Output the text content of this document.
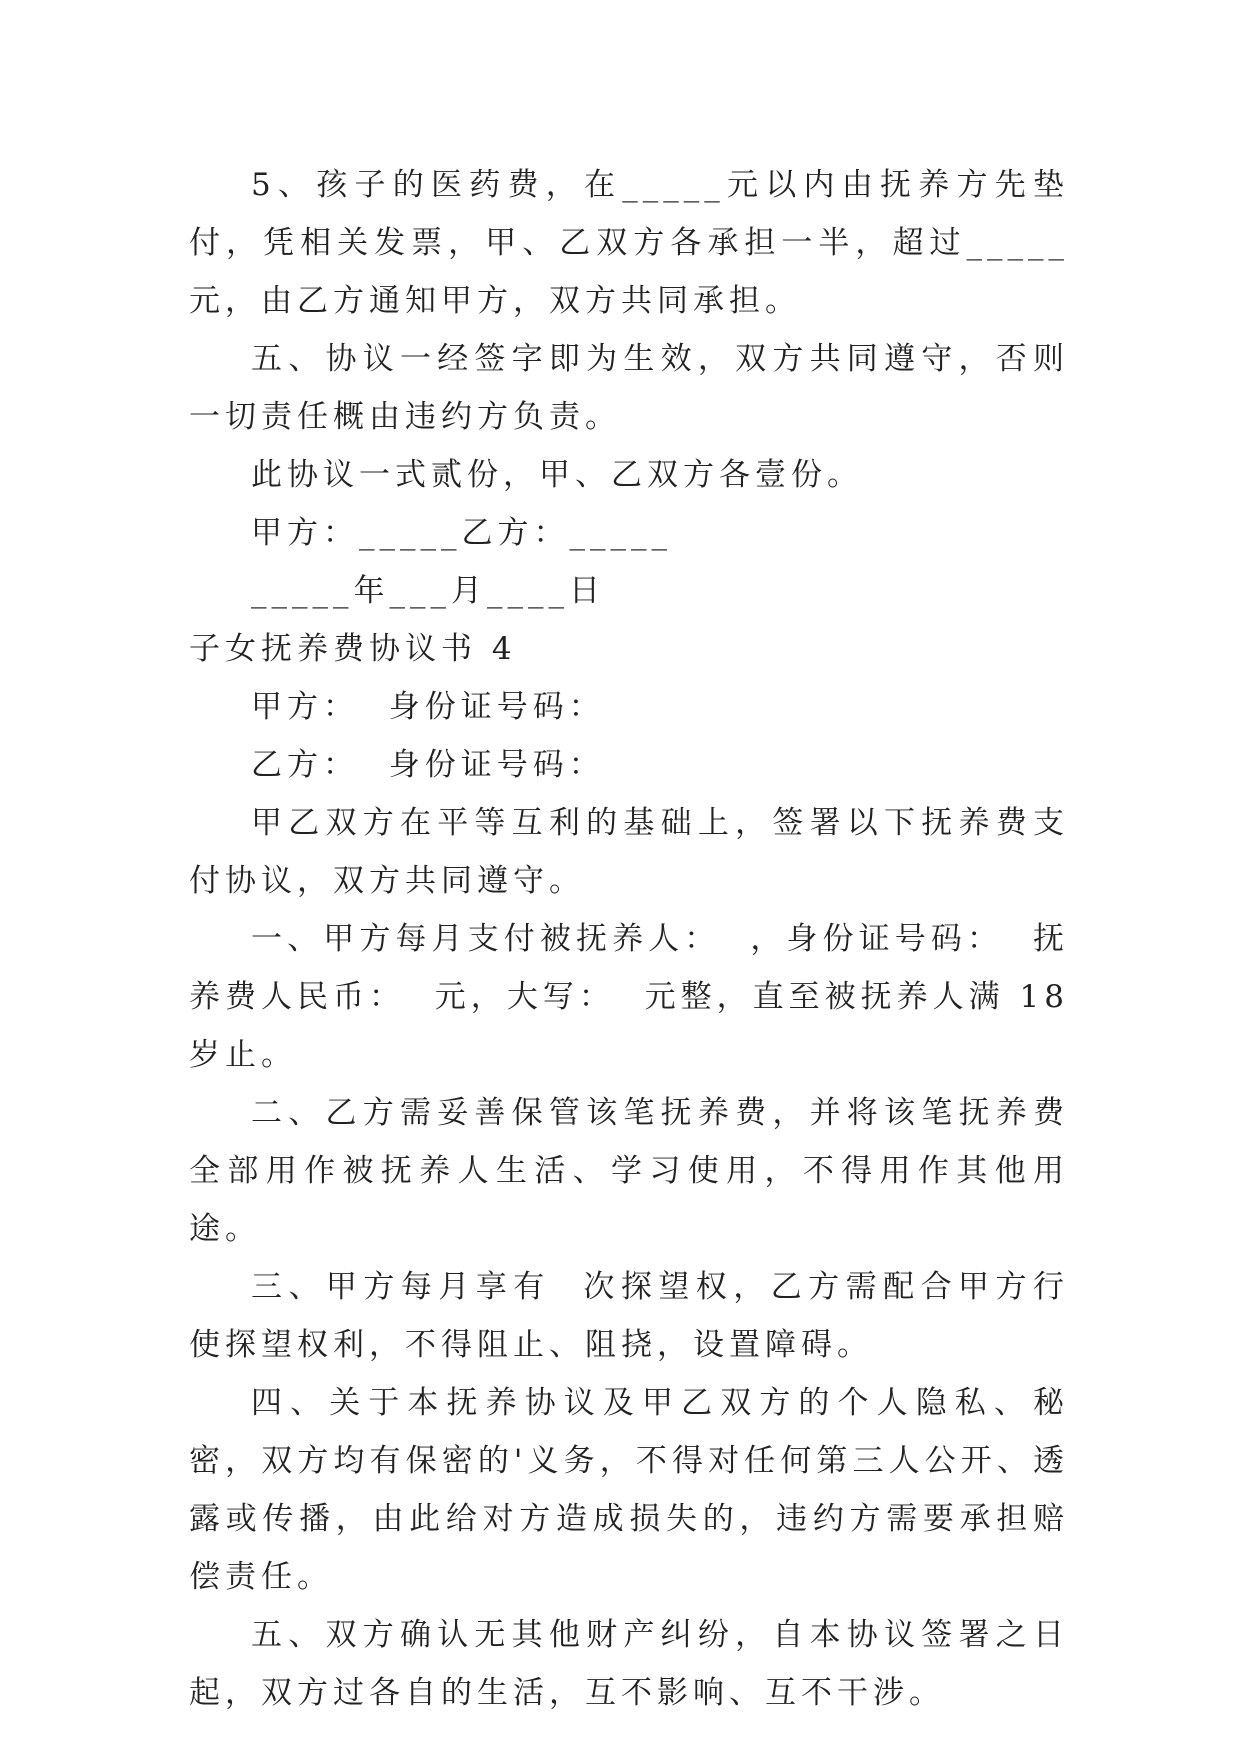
5、孩子的医药费，在_____元以内由抚养方先垫付，凭相关发票，甲、乙双方各承担一半，超过_____元，由乙方通知甲方，双方共同承担。

五、协议一经签字即为生效，双方共同遵守，否则一切责任概由违约方负责。

此协议一式贰份，甲、乙双方各壹份。

甲方：_____乙方：_____

_____年___月____日

子女抚养费协议书 4

甲方：  身份证号码：

乙方：  身份证号码：

甲乙双方在平等互利的基础上，签署以下抚养费支付协议，双方共同遵守。

一、甲方每月支付被抚养人：  ，身份证号码：  抚养费人民币：  元，大写：  元整，直至被抚养人满 18 岁止。

二、乙方需妥善保管该笔抚养费，并将该笔抚养费全部用作被抚养人生活、学习使用，不得用作其他用途。

三、甲方每月享有  次探望权，乙方需配合甲方行使探望权利，不得阻止、阻挠，设置障碍。

四、关于本抚养协议及甲乙双方的个人隐私、秘密，双方均有保密的'义务，不得对任何第三人公开、透露或传播，由此给对方造成损失的，违约方需要承担赔偿责任。

五、双方确认无其他财产纠纷，自本协议签署之日起，双方过各自的生活，互不影响、互不干涉。
